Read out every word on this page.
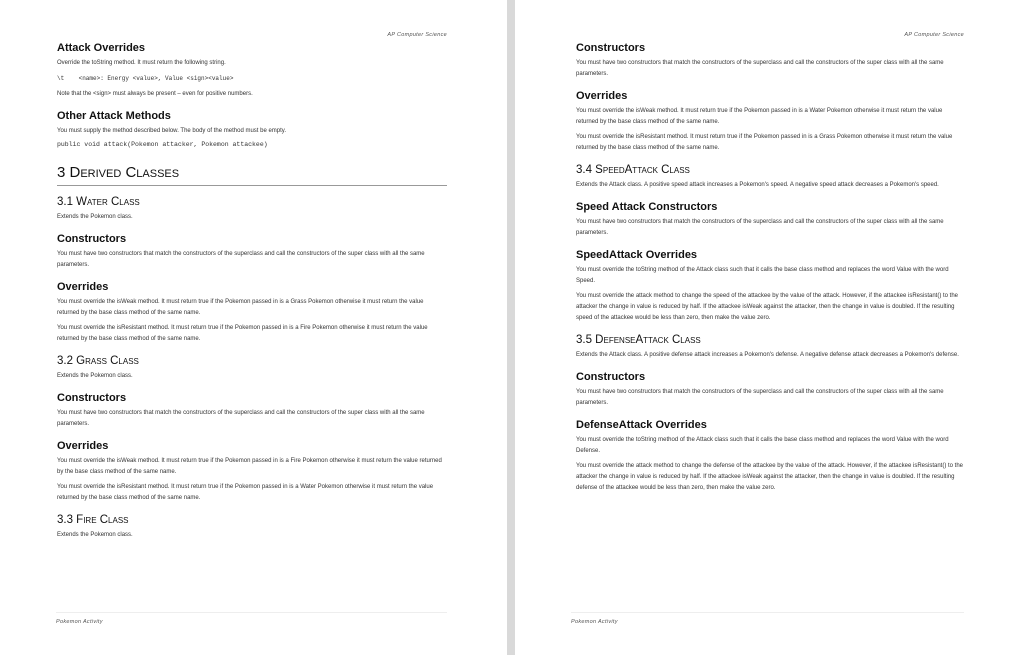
AP Computer Science
Attack Overrides

Override the toString method. It must return the following string.

\t    <name>: Energy <value>, Value <sign><value>

Note that the <sign> must always be present – even for positive numbers.

Other Attack Methods

You must supply the method described below. The body of the method must be empty.

public void attack(Pokemon attacker, Pokemon attackee)
3 Derived Classes
3.1 Water Class

Extends the Pokemon class.

Constructors

You must have two constructors that match the constructors of the superclass and call the constructors of the super class with all the same parameters.

Overrides

You must override the isWeak method. It must return true if the Pokemon passed in is a Grass Pokemon otherwise it must return the value returned by the base class method of the same name.

You must override the isResistant method. It must return true if the Pokemon passed in is a Fire Pokemon otherwise it must return the value returned by the base class method of the same name.

3.2 Grass Class

Extends the Pokemon class.

Constructors

You must have two constructors that match the constructors of the superclass and call the constructors of the super class with all the same parameters.

Overrides

You must override the isWeak method. It must return true if the Pokemon passed in is a Fire Pokemon otherwise it must return the value returned by the base class method of the same name.

You must override the isResistant method. It must return true if the Pokemon passed in is a Water Pokemon otherwise it must return the value returned by the base class method of the same name.

3.3 Fire Class

Extends the Pokemon class.

Pokemon Activity
AP Computer Science
Constructors

You must have two constructors that match the constructors of the superclass and call the constructors of the super class with all the same parameters.

Overrides

You must override the isWeak method. It must return true if the Pokemon passed in is a Water Pokemon otherwise it must return the value returned by the base class method of the same name.

You must override the isResistant method. It must return true if the Pokemon passed in is a Grass Pokemon otherwise it must return the value returned by the base class method of the same name.

3.4 SpeedAttack Class

Extends the Attack class. A positive speed attack increases a Pokemon's speed. A negative speed attack decreases a Pokemon's speed.

Speed Attack Constructors

You must have two constructors that match the constructors of the superclass and call the constructors of the super class with all the same parameters.

SpeedAttack Overrides

You must override the toString method of the Attack class such that it calls the base class method and replaces the word Value with the word Speed.

You must override the attack method to change the speed of the attackee by the value of the attack. However, if the attackee isResistant() to the attacker the change in value is reduced by half. If the attackee isWeak against the attacker, then the change in value is doubled. If the resulting speed of the attackee would be less than zero, then make the value zero.

3.5 DefenseAttack Class

Extends the Attack class. A positive defense attack increases a Pokemon's defense. A negative defense attack decreases a Pokemon's defense.

Constructors

You must have two constructors that match the constructors of the superclass and call the constructors of the super class with all the same parameters.

DefenseAttack Overrides

You must override the toString method of the Attack class such that it calls the base class method and replaces the word Value with the word Defense.

You must override the attack method to change the defense of the attackee by the value of the attack. However, if the attackee isResistant() to the attacker the change in value is reduced by half. If the attackee isWeak against the attacker, then the change in value is doubled. If the resulting defense of the attackee would be less than zero, then make the value zero.

Pokemon Activity
